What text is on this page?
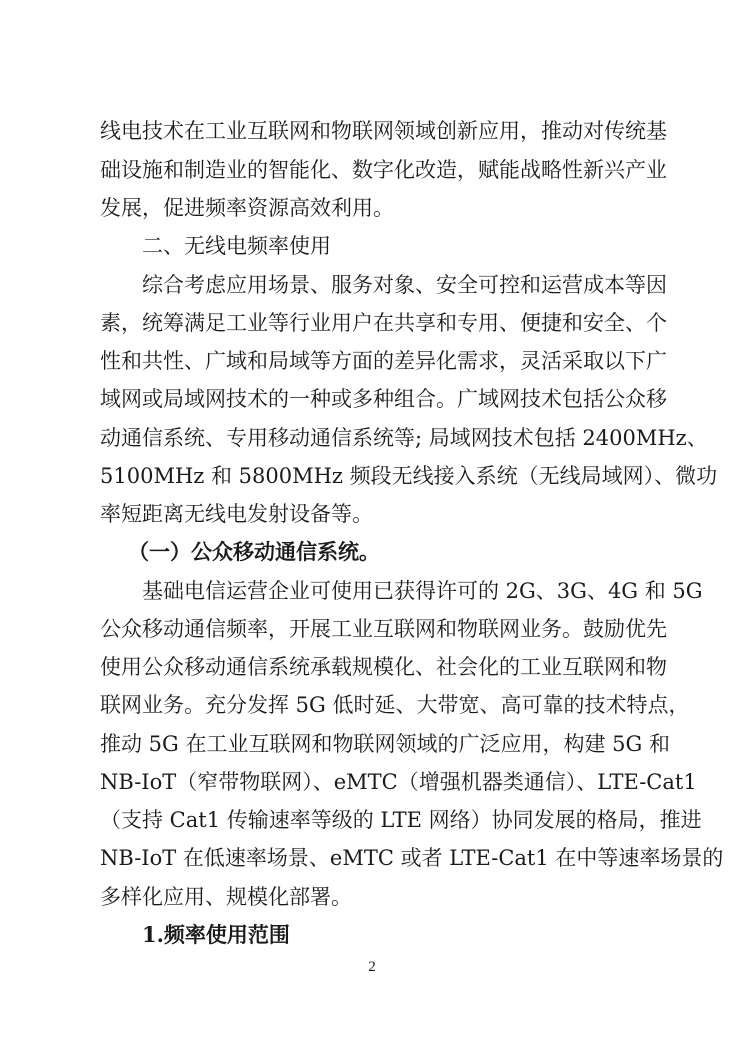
线电技术在工业互联网和物联网领域创新应用，推动对传统基
础设施和制造业的智能化、数字化改造，赋能战略性新兴产业
发展，促进频率资源高效利用。
二、无线电频率使用
综合考虑应用场景、服务对象、安全可控和运营成本等因
素，统筹满足工业等行业用户在共享和专用、便捷和安全、个
性和共性、广域和局域等方面的差异化需求，灵活采取以下广
域网或局域网技术的一种或多种组合。广域网技术包括公众移
动通信系统、专用移动通信系统等; 局域网技术包括 2400MHz、
5100MHz 和 5800MHz 频段无线接入系统（无线局域网）、微功
率短距离无线电发射设备等。
（一）公众移动通信系统。
基础电信运营企业可使用已获得许可的 2G、3G、4G 和 5G
公众移动通信频率，开展工业互联网和物联网业务。鼓励优先
使用公众移动通信系统承载规模化、社会化的工业互联网和物
联网业务。充分发挥 5G 低时延、大带宽、高可靠的技术特点，
推动 5G 在工业互联网和物联网领域的广泛应用，构建 5G 和
NB-IoT（窄带物联网）、eMTC（增强机器类通信）、LTE-Cat1
（支持 Cat1 传输速率等级的 LTE 网络）协同发展的格局，推进
NB-IoT 在低速率场景、eMTC 或者 LTE-Cat1 在中等速率场景的
多样化应用、规模化部署。
1.频率使用范围
2
